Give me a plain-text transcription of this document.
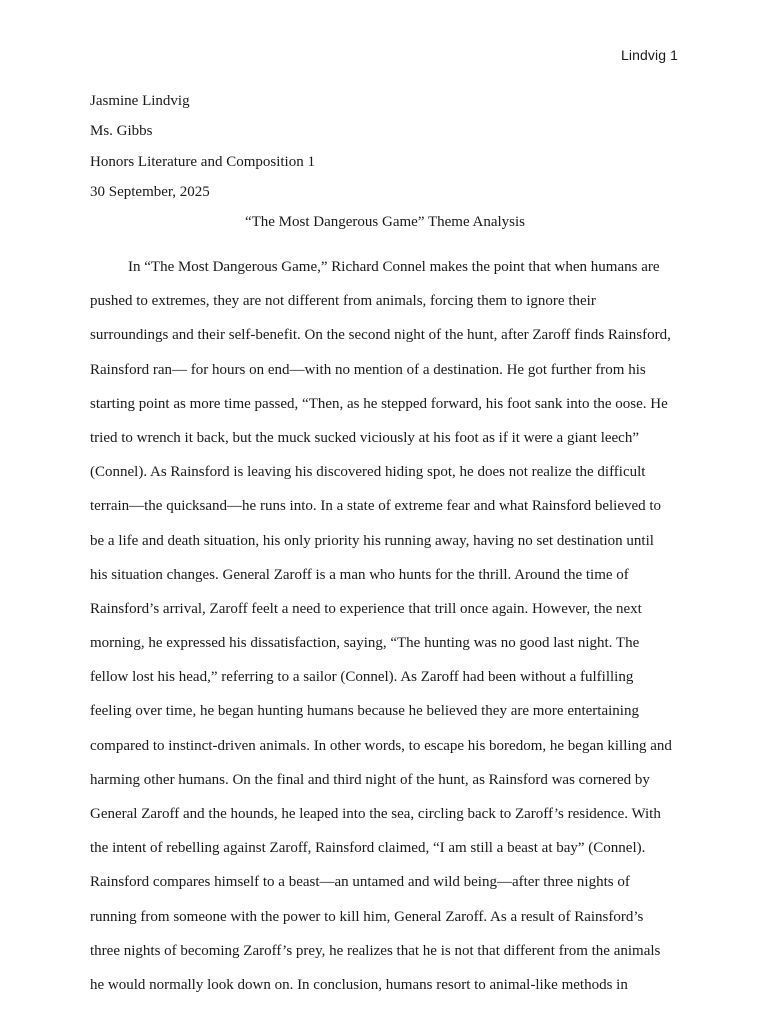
Lindvig 1
Jasmine Lindvig
Ms. Gibbs
Honors Literature and Composition 1
30 September, 2025
“The Most Dangerous Game” Theme Analysis
In “The Most Dangerous Game,” Richard Connel makes the point that when humans are
pushed to extremes, they are not different from animals, forcing them to ignore their
surroundings and their self-benefit. On the second night of the hunt, after Zaroff finds Rainsford,
Rainsford ran— for hours on end—with no mention of a destination. He got further from his
starting point as more time passed, “Then, as he stepped forward, his foot sank into the oose. He
tried to wrench it back, but the muck sucked viciously at his foot as if it were a giant leech”
(Connel). As Rainsford is leaving his discovered hiding spot, he does not realize the difficult
terrain—the quicksand—he runs into. In a state of extreme fear and what Rainsford believed to
be a life and death situation, his only priority his running away, having no set destination until
his situation changes. General Zaroff is a man who hunts for the thrill. Around the time of
Rainsford’s arrival, Zaroff feelt a need to experience that trill once again. However, the next
morning, he expressed his dissatisfaction, saying, “The hunting was no good last night. The
fellow lost his head,” referring to a sailor (Connel). As Zaroff had been without a fulfilling
feeling over time, he began hunting humans because he believed they are more entertaining
compared to instinct-driven animals. In other words, to escape his boredom, he began killing and
harming other humans. On the final and third night of the hunt, as Rainsford was cornered by
General Zaroff and the hounds, he leaped into the sea, circling back to Zaroff’s residence. With
the intent of rebelling against Zaroff, Rainsford claimed, “I am still a beast at bay” (Connel).
Rainsford compares himself to a beast—an untamed and wild being—after three nights of
running from someone with the power to kill him, General Zaroff. As a result of Rainsford’s
three nights of becoming Zaroff’s prey, he realizes that he is not that different from the animals
he would normally look down on. In conclusion, humans resort to animal-like methods in
